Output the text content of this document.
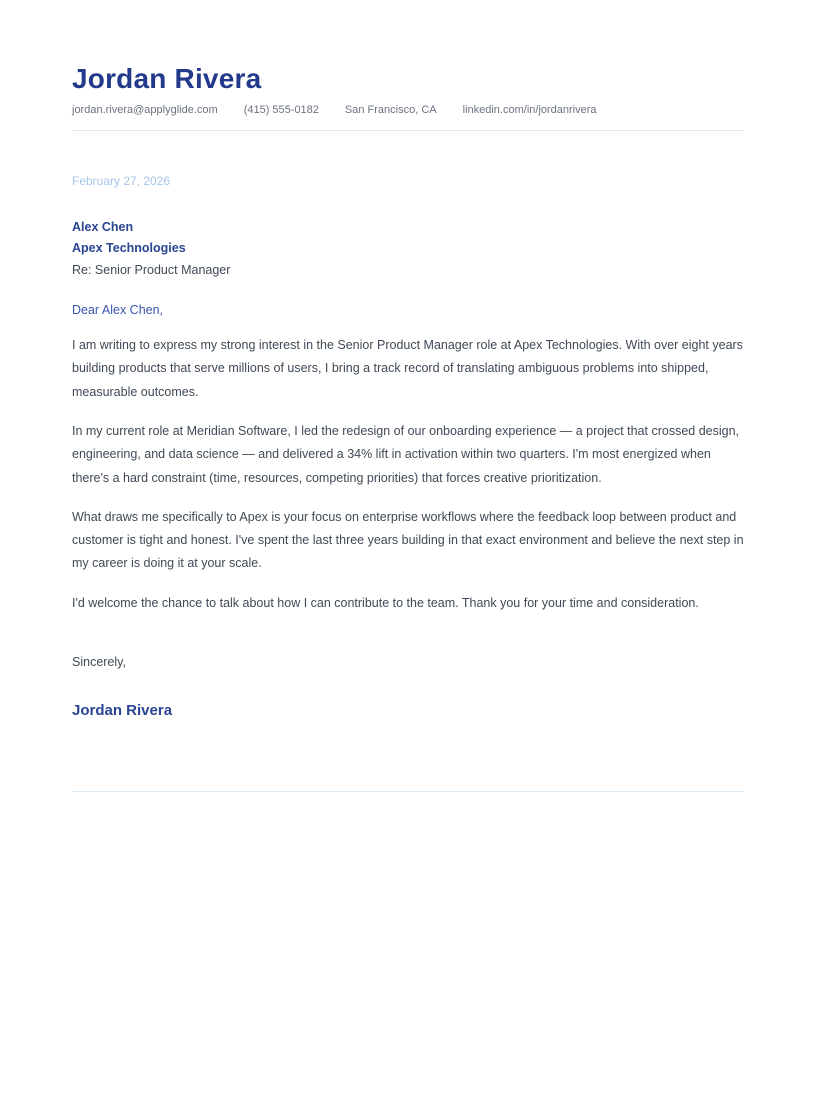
Jordan Rivera
jordan.rivera@applyglide.com (415) 555-0182 San Francisco, CA linkedin.com/in/jordanrivera
February 27, 2026
Alex Chen
Apex Technologies
Re: Senior Product Manager
Dear Alex Chen,

I am writing to express my strong interest in the Senior Product Manager role at Apex Technologies. With over eight years building products that serve millions of users, I bring a track record of translating ambiguous problems into shipped, measurable outcomes.

In my current role at Meridian Software, I led the redesign of our onboarding experience — a project that crossed design, engineering, and data science — and delivered a 34% lift in activation within two quarters. I'm most energized when there's a hard constraint (time, resources, competing priorities) that forces creative prioritization.

What draws me specifically to Apex is your focus on enterprise workflows where the feedback loop between product and customer is tight and honest. I've spent the last three years building in that exact environment and believe the next step in my career is doing it at your scale.

I'd welcome the chance to talk about how I can contribute to the team. Thank you for your time and consideration.

Sincerely,
Jordan Rivera
